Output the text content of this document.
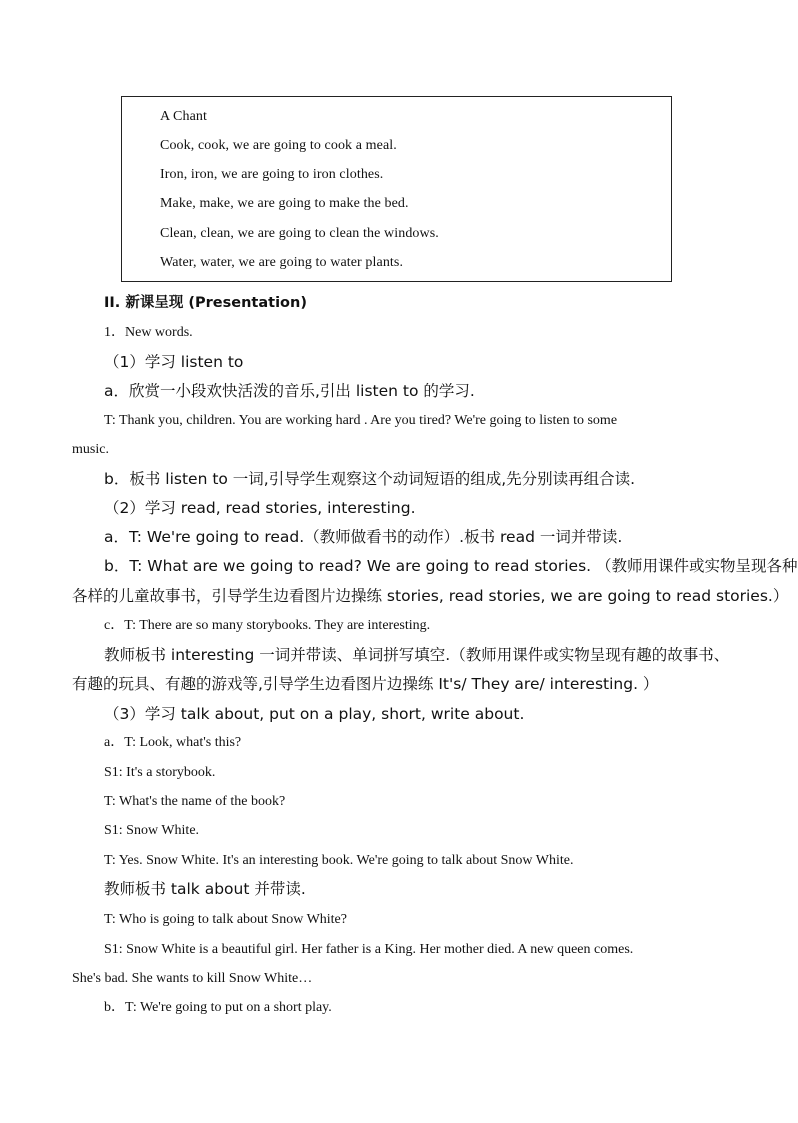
A Chant
Cook, cook, we are going to cook a meal.
Iron, iron, we are going to iron clothes.
Make, make, we are going to make the bed.
Clean, clean, we are going to clean the windows.
Water, water, we are going to water plants.
II. 新课呈现 (Presentation)
1．New words.
（1）学习 listen to
a．欣赏一小段欢快活泼的音乐,引出 listen to 的学习.
T: Thank you, children. You are working hard . Are you tired? We're going to listen to some
music.
b．板书 listen to 一词,引导学生观察这个动词短语的组成,先分别读再组合读.
（2）学习 read, read stories, interesting.
a．T: We're going to read.（教师做看书的动作）.板书 read 一词并带读.
b．T: What are we going to read? We are going to read stories. （教师用课件或实物呈现各种
各样的儿童故事书，引导学生边看图片边操练 stories, read stories, we are going to read stories.）
c．T: There are so many storybooks. They are interesting.
教师板书 interesting 一词并带读、单词拼写填空.（教师用课件或实物呈现有趣的故事书、
有趣的玩具、有趣的游戏等,引导学生边看图片边操练 It's/ They are/ interesting. ）
（3）学习 talk about, put on a play, short, write about.
a．T: Look, what's this?
S1: It's a storybook.
T: What's the name of the book?
S1: Snow White.
T: Yes. Snow White. It's an interesting book. We're going to talk about Snow White.
教师板书 talk about 并带读.
T: Who is going to talk about Snow White?
S1: Snow White is a beautiful girl. Her father is a King. Her mother died. A new queen comes.
She's bad. She wants to kill Snow White…
b．T: We're going to put on a short play.
